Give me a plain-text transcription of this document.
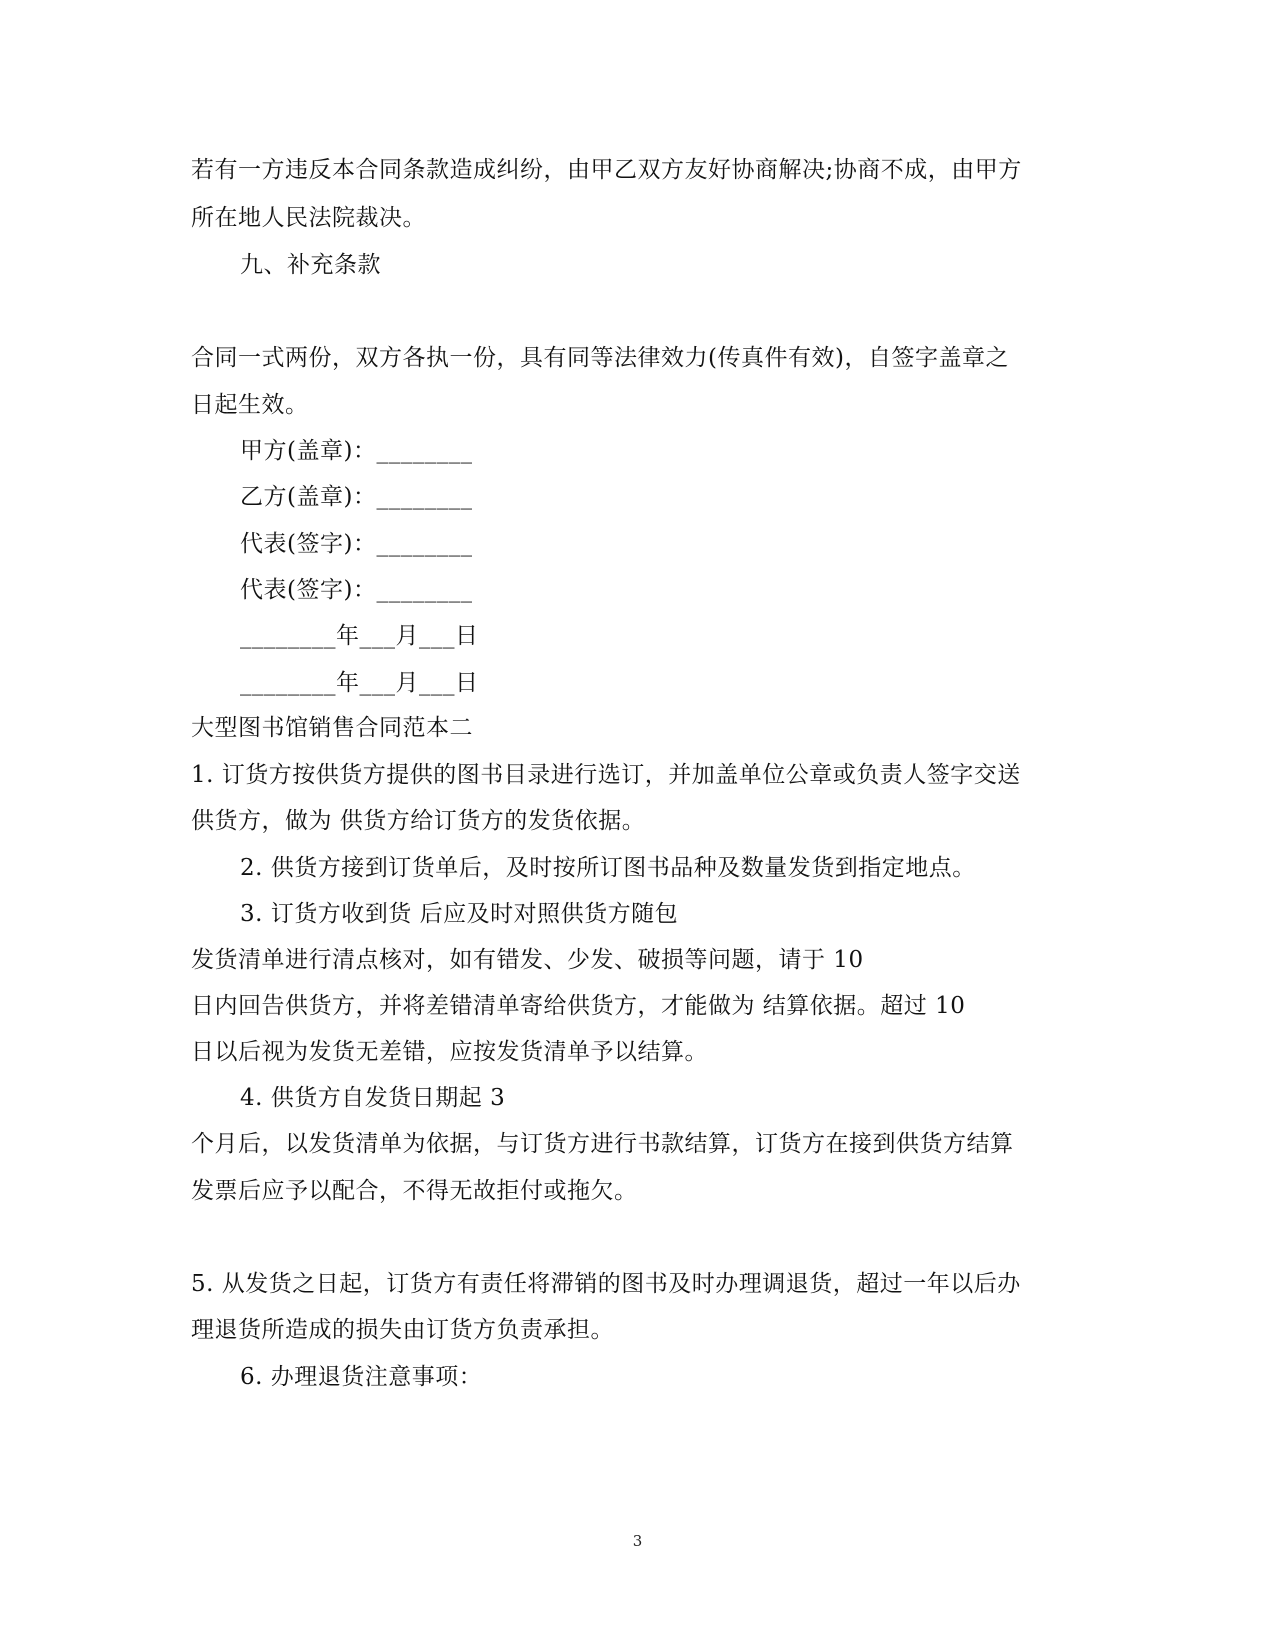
若有一方违反本合同条款造成纠纷，由甲乙双方友好协商解决;协商不成，由甲方
所在地人民法院裁决。
九、补充条款
合同一式两份，双方各执一份，具有同等法律效力(传真件有效)，自签字盖章之
日起生效。
甲方(盖章)：________
乙方(盖章)：________
代表(签字)：________
代表(签字)：________
________年___月___日
________年___月___日
大型图书馆销售合同范本二
1. 订货方按供货方提供的图书目录进行选订，并加盖单位公章或负责人签字交送
供货方，做为 供货方给订货方的发货依据。
2. 供货方接到订货单后，及时按所订图书品种及数量发货到指定地点。
3. 订货方收到货 后应及时对照供货方随包
发货清单进行清点核对，如有错发、少发、破损等问题，请于 10
日内回告供货方，并将差错清单寄给供货方，才能做为 结算依据。超过 10
日以后视为发货无差错，应按发货清单予以结算。
4. 供货方自发货日期起 3
个月后，以发货清单为依据，与订货方进行书款结算，订货方在接到供货方结算
发票后应予以配合，不得无故拒付或拖欠。
5. 从发货之日起，订货方有责任将滞销的图书及时办理调退货，超过一年以后办
理退货所造成的损失由订货方负责承担。
6. 办理退货注意事项：
3
